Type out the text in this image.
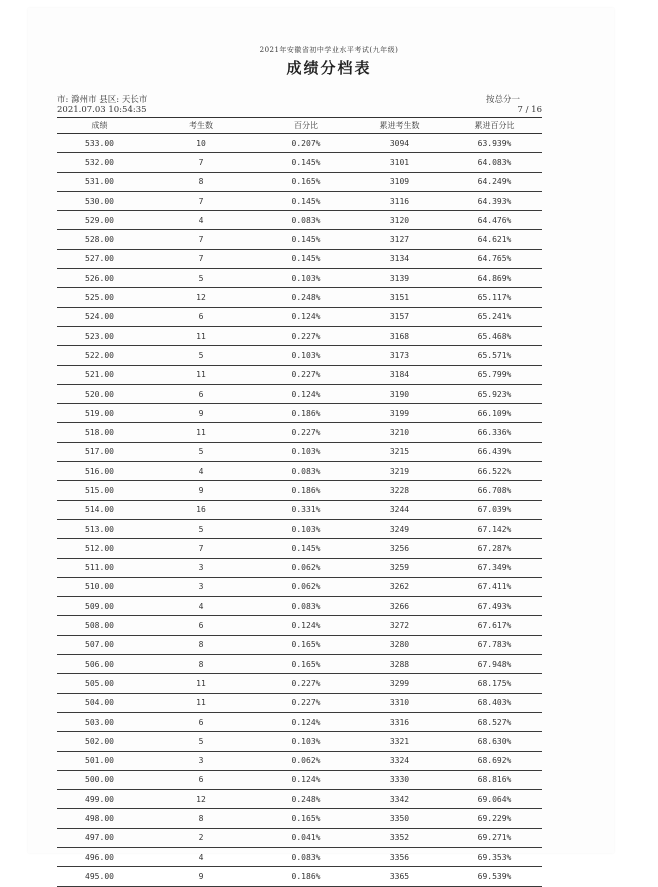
2021年安徽省初中学业水平考试(九年级)
成绩分档表
市: 滁州市 县区: 天长市
2021.07.03 10:54:35
按总分一
7 / 16
成绩	考生数	百分比	累进考生数	累进百分比
533.00	10	0.207%	3094	63.939%
532.00	7	0.145%	3101	64.083%
531.00	8	0.165%	3109	64.249%
530.00	7	0.145%	3116	64.393%
529.00	4	0.083%	3120	64.476%
528.00	7	0.145%	3127	64.621%
527.00	7	0.145%	3134	64.765%
526.00	5	0.103%	3139	64.869%
525.00	12	0.248%	3151	65.117%
524.00	6	0.124%	3157	65.241%
523.00	11	0.227%	3168	65.468%
522.00	5	0.103%	3173	65.571%
521.00	11	0.227%	3184	65.799%
520.00	6	0.124%	3190	65.923%
519.00	9	0.186%	3199	66.109%
518.00	11	0.227%	3210	66.336%
517.00	5	0.103%	3215	66.439%
516.00	4	0.083%	3219	66.522%
515.00	9	0.186%	3228	66.708%
514.00	16	0.331%	3244	67.039%
513.00	5	0.103%	3249	67.142%
512.00	7	0.145%	3256	67.287%
511.00	3	0.062%	3259	67.349%
510.00	3	0.062%	3262	67.411%
509.00	4	0.083%	3266	67.493%
508.00	6	0.124%	3272	67.617%
507.00	8	0.165%	3280	67.783%
506.00	8	0.165%	3288	67.948%
505.00	11	0.227%	3299	68.175%
504.00	11	0.227%	3310	68.403%
503.00	6	0.124%	3316	68.527%
502.00	5	0.103%	3321	68.630%
501.00	3	0.062%	3324	68.692%
500.00	6	0.124%	3330	68.816%
499.00	12	0.248%	3342	69.064%
498.00	8	0.165%	3350	69.229%
497.00	2	0.041%	3352	69.271%
496.00	4	0.083%	3356	69.353%
495.00	9	0.186%	3365	69.539%
